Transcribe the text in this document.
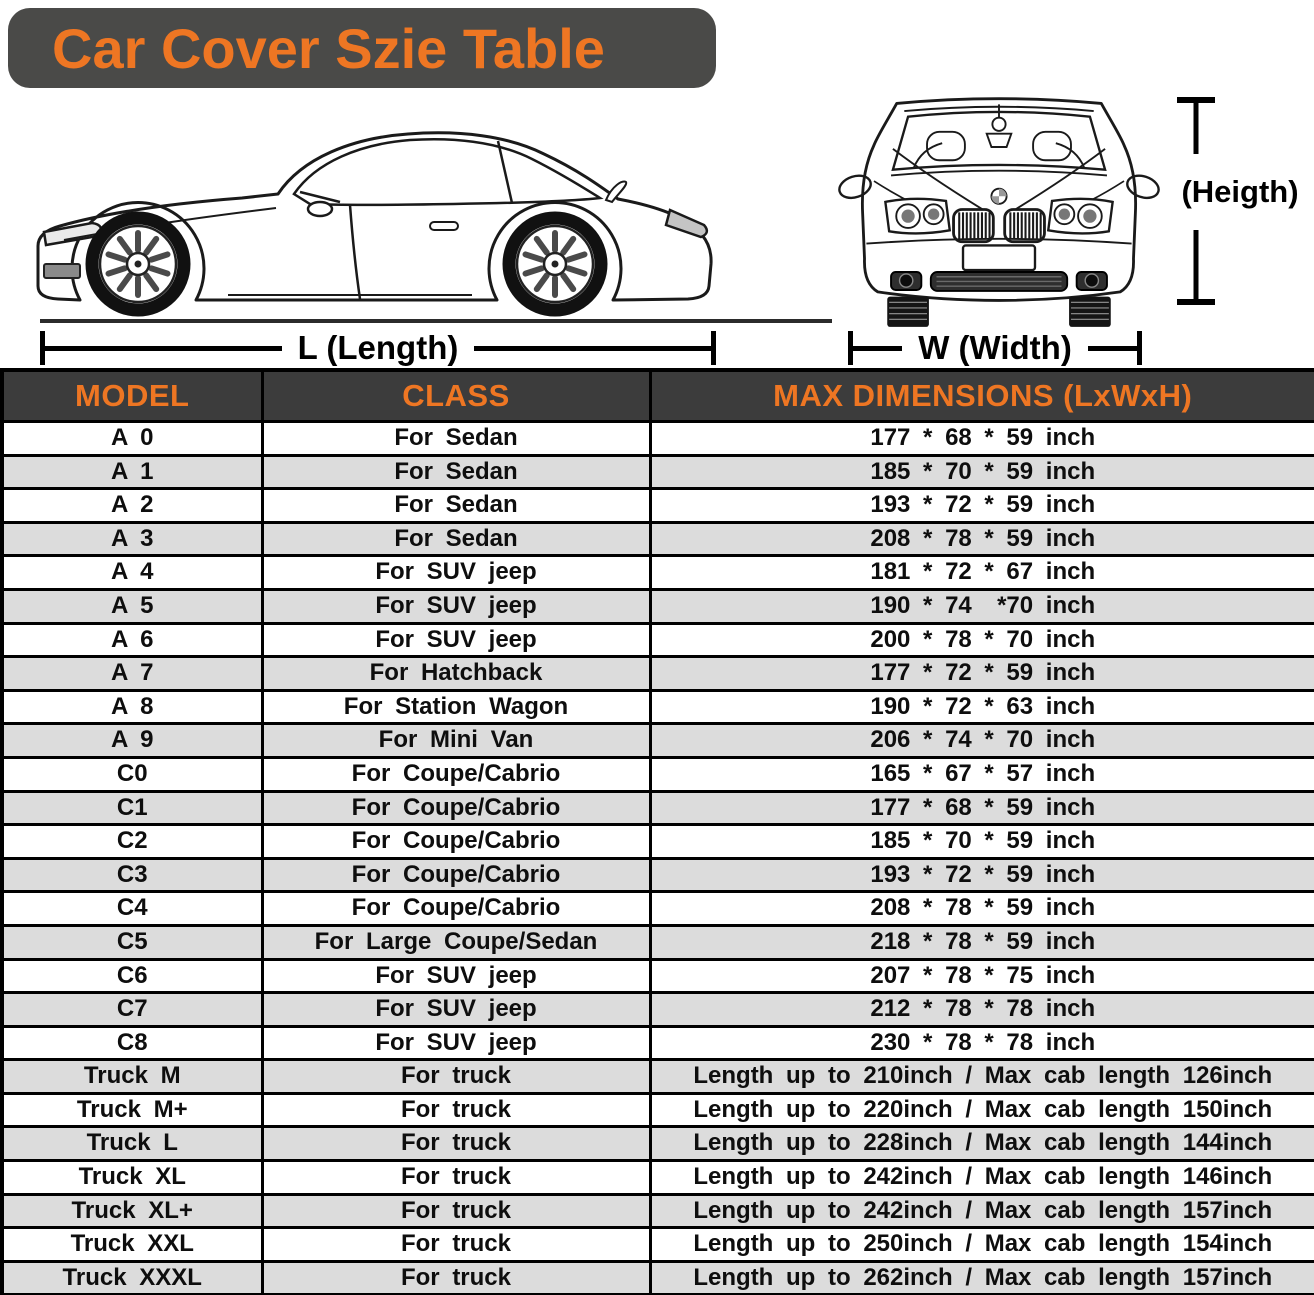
Car Cover Szie Table
L (Length)	W (Width)
(Heigth)
MODEL	CLASS	MAX DIMENSIONS (LxWxH)
A 0	For Sedan	177 * 68 * 59 inch
A 1	For Sedan	185 * 70 * 59 inch
A 2	For Sedan	193 * 72 * 59 inch
A 3	For Sedan	208 * 78 * 59 inch
A 4	For SUV jeep	181 * 72 * 67 inch
A 5	For SUV jeep	190 * 74  *70 inch
A 6	For SUV jeep	200 * 78 * 70 inch
A 7	For Hatchback	177 * 72 * 59 inch
A 8	For Station Wagon	190 * 72 * 63 inch
A 9	For Mini Van	206 * 74 * 70 inch
C0	For Coupe/Cabrio	165 * 67 * 57 inch
C1	For Coupe/Cabrio	177 * 68 * 59 inch
C2	For Coupe/Cabrio	185 * 70 * 59 inch
C3	For Coupe/Cabrio	193 * 72 * 59 inch
C4	For Coupe/Cabrio	208 * 78 * 59 inch
C5	For Large Coupe/Sedan	218 * 78 * 59 inch
C6	For SUV jeep	207 * 78 * 75 inch
C7	For SUV jeep	212 * 78 * 78 inch
C8	For SUV jeep	230 * 78 * 78 inch
Truck M	For truck	Length up to 210inch / Max cab length 126inch
Truck M+	For truck	Length up to 220inch / Max cab length 150inch
Truck L	For truck	Length up to 228inch / Max cab length 144inch
Truck XL	For truck	Length up to 242inch / Max cab length 146inch
Truck XL+	For truck	Length up to 242inch / Max cab length 157inch
Truck XXL	For truck	Length up to 250inch / Max cab length 154inch
Truck XXXL	For truck	Length up to 262inch / Max cab length 157inch
